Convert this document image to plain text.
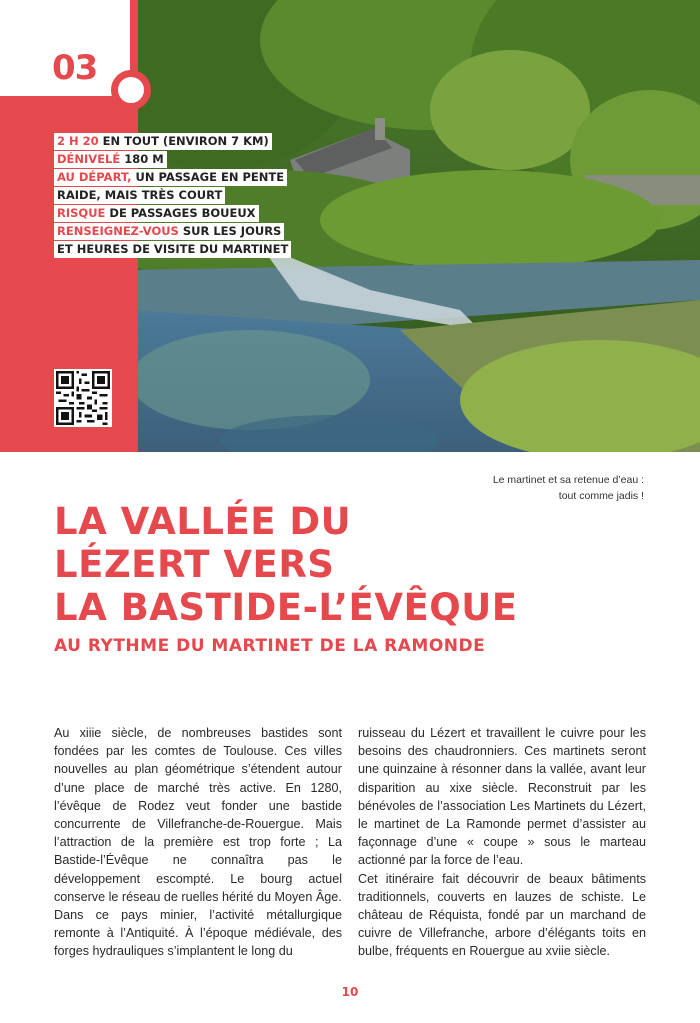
03
2 H 20 EN TOUT (ENVIRON 7 KM)
DÉNIVELÉ 180 M
AU DÉPART, UN PASSAGE EN PENTE
RAIDE, MAIS TRÈS COURT
RISQUE DE PASSAGES BOUEUX
RENSEIGNEZ-VOUS SUR LES JOURS
ET HEURES DE VISITE DU MARTINET
Le martinet et sa retenue d’eau :
tout comme jadis !
LA VALLÉE DU
LÉZERT VERS
LA BASTIDE-L’ÉVÊQUE
AU RYTHME DU MARTINET DE LA RAMONDE

Au xiiie siècle, de nombreuses bastides sont fondées par les comtes de Toulouse. Ces villes nouvelles au plan géométrique s’étendent autour d’une place de marché très active. En 1280, l’évêque de Rodez veut fonder une bastide concurrente de Villefranche-de-Rouergue. Mais l’attraction de la première est trop forte ; La Bastide-l’Évêque ne connaîtra pas le développement escompté. Le bourg actuel conserve le réseau de ruelles hérité du Moyen Âge.

Dans ce pays minier, l’activité métallurgique remonte à l’Antiquité. À l’époque médiévale, des forges hydrauliques s’implantent le long du

ruisseau du Lézert et travaillent le cuivre pour les besoins des chaudronniers. Ces martinets seront une quinzaine à résonner dans la vallée, avant leur disparition au xixe siècle. Reconstruit par les bénévoles de l’association Les Martinets du Lézert, le martinet de La Ramonde permet d’assister au façonnage d’une « coupe » sous le marteau actionné par la force de l’eau.

Cet itinéraire fait découvrir de beaux bâtiments traditionnels, couverts en lauzes de schiste. Le château de Réquista, fondé par un marchand de cuivre de Villefranche, arbore d’élégants toits en bulbe, fréquents en Rouergue au xviie siècle.

10
